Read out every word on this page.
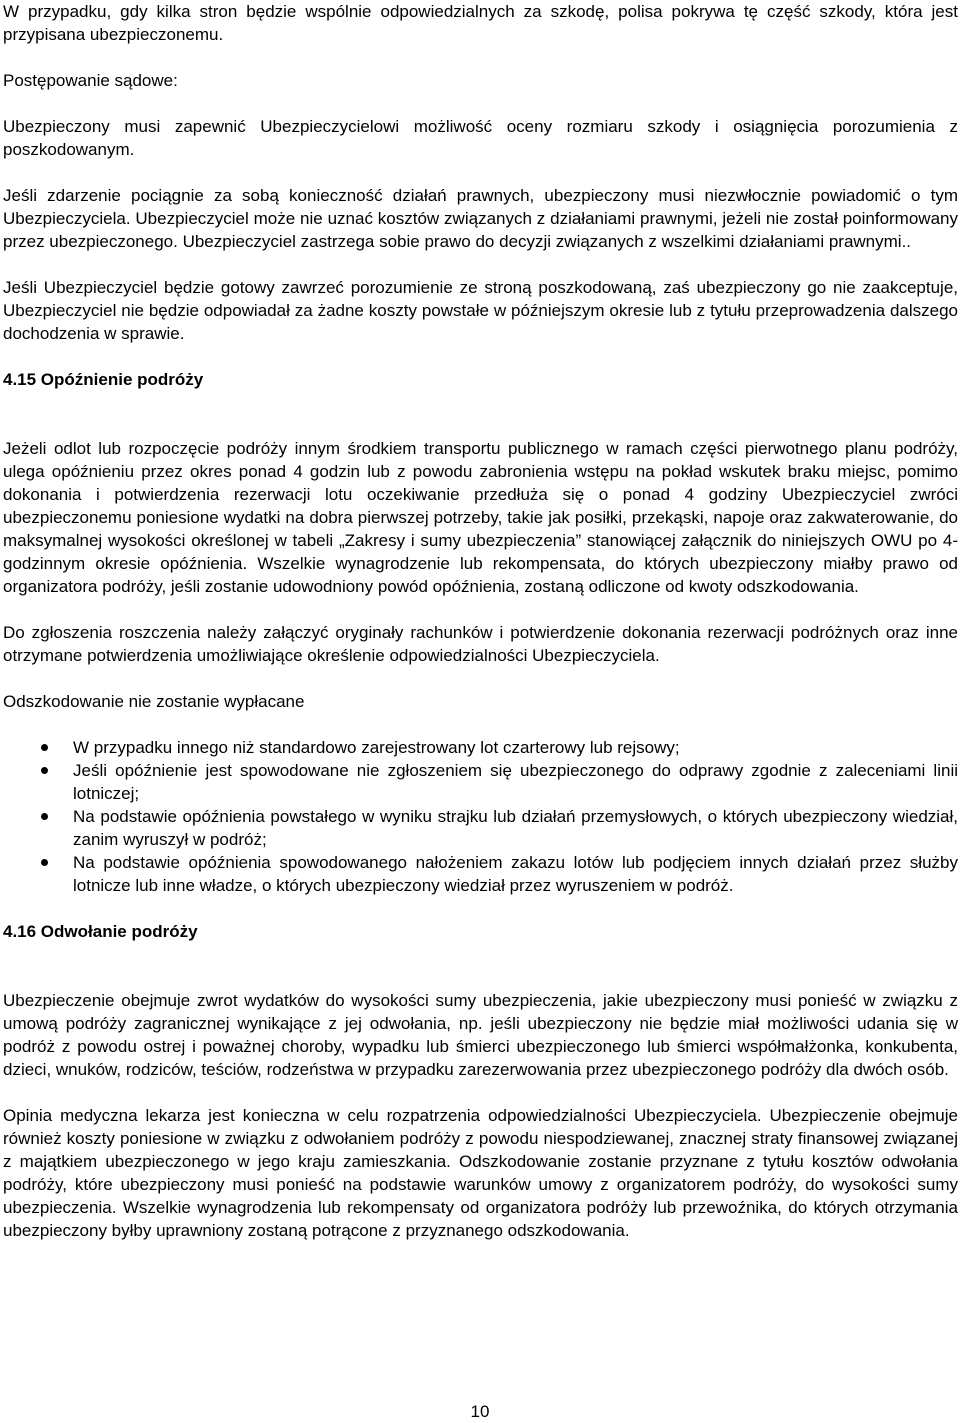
W przypadku, gdy kilka stron będzie wspólnie odpowiedzialnych za szkodę, polisa pokrywa tę część szkody, która jest przypisana ubezpieczonemu.

Postępowanie sądowe:

Ubezpieczony musi zapewnić Ubezpieczycielowi możliwość oceny rozmiaru szkody i osiągnięcia porozumienia z poszkodowanym.

Jeśli zdarzenie pociągnie za sobą konieczność działań prawnych, ubezpieczony musi niezwłocznie powiadomić o tym Ubezpieczyciela. Ubezpieczyciel może nie uznać kosztów związanych z działaniami prawnymi, jeżeli nie został poinformowany przez ubezpieczonego. Ubezpieczyciel zastrzega sobie prawo do decyzji związanych z wszelkimi działaniami prawnymi..

Jeśli Ubezpieczyciel będzie gotowy zawrzeć porozumienie ze stroną poszkodowaną, zaś ubezpieczony go nie zaakceptuje, Ubezpieczyciel nie będzie odpowiadał za żadne koszty powstałe w późniejszym okresie lub z tytułu przeprowadzenia dalszego dochodzenia w sprawie.

4.15 Opóźnienie podróży

Jeżeli odlot lub rozpoczęcie podróży innym środkiem transportu publicznego w ramach części pierwotnego planu podróży, ulega opóźnieniu przez okres ponad 4 godzin lub z powodu zabronienia wstępu na pokład wskutek braku miejsc, pomimo dokonania i potwierdzenia rezerwacji lotu oczekiwanie przedłuża się o ponad 4 godziny Ubezpieczyciel zwróci ubezpieczonemu poniesione wydatki na dobra pierwszej potrzeby, takie jak posiłki, przekąski, napoje oraz zakwaterowanie, do maksymalnej wysokości określonej w tabeli „Zakresy i sumy ubezpieczenia” stanowiącej załącznik do niniejszych OWU po 4-godzinnym okresie opóźnienia. Wszelkie wynagrodzenie lub rekompensata, do których ubezpieczony miałby prawo od organizatora podróży, jeśli zostanie udowodniony powód opóźnienia, zostaną odliczone od kwoty odszkodowania.

Do zgłoszenia roszczenia należy załączyć oryginały rachunków i potwierdzenie dokonania rezerwacji podróżnych oraz inne otrzymane potwierdzenia umożliwiające określenie odpowiedzialności Ubezpieczyciela.

Odszkodowanie nie zostanie wypłacane

W przypadku innego niż standardowo zarejestrowany lot czarterowy lub rejsowy;
Jeśli opóźnienie jest spowodowane nie zgłoszeniem się ubezpieczonego do odprawy zgodnie z zaleceniami linii lotniczej;
Na podstawie opóźnienia powstałego w wyniku strajku lub działań przemysłowych, o których ubezpieczony wiedział, zanim wyruszył w podróż;
Na podstawie opóźnienia spowodowanego nałożeniem zakazu lotów lub podjęciem innych działań przez służby lotnicze lub inne władze, o których ubezpieczony wiedział przez wyruszeniem w podróż.

4.16 Odwołanie podróży

Ubezpieczenie obejmuje zwrot wydatków do wysokości sumy ubezpieczenia, jakie ubezpieczony musi ponieść w związku z umową podróży zagranicznej wynikające z jej odwołania, np. jeśli ubezpieczony nie będzie miał możliwości udania się w podróż z powodu ostrej i poważnej choroby, wypadku lub śmierci ubezpieczonego lub śmierci współmałżonka, konkubenta, dzieci, wnuków, rodziców, teściów, rodzeństwa w przypadku zarezerwowania przez ubezpieczonego podróży dla dwóch osób.

Opinia medyczna lekarza jest konieczna w celu rozpatrzenia odpowiedzialności Ubezpieczyciela. Ubezpieczenie obejmuje również koszty poniesione w związku z odwołaniem podróży z powodu niespodziewanej, znacznej straty finansowej związanej z majątkiem ubezpieczonego w jego kraju zamieszkania. Odszkodowanie zostanie przyznane z tytułu kosztów odwołania podróży, które ubezpieczony musi ponieść na podstawie warunków umowy z organizatorem podróży, do wysokości sumy ubezpieczenia. Wszelkie wynagrodzenia lub rekompensaty od organizatora podróży lub przewoźnika, do których otrzymania ubezpieczony byłby uprawniony zostaną potrącone z przyznanego odszkodowania.

10
